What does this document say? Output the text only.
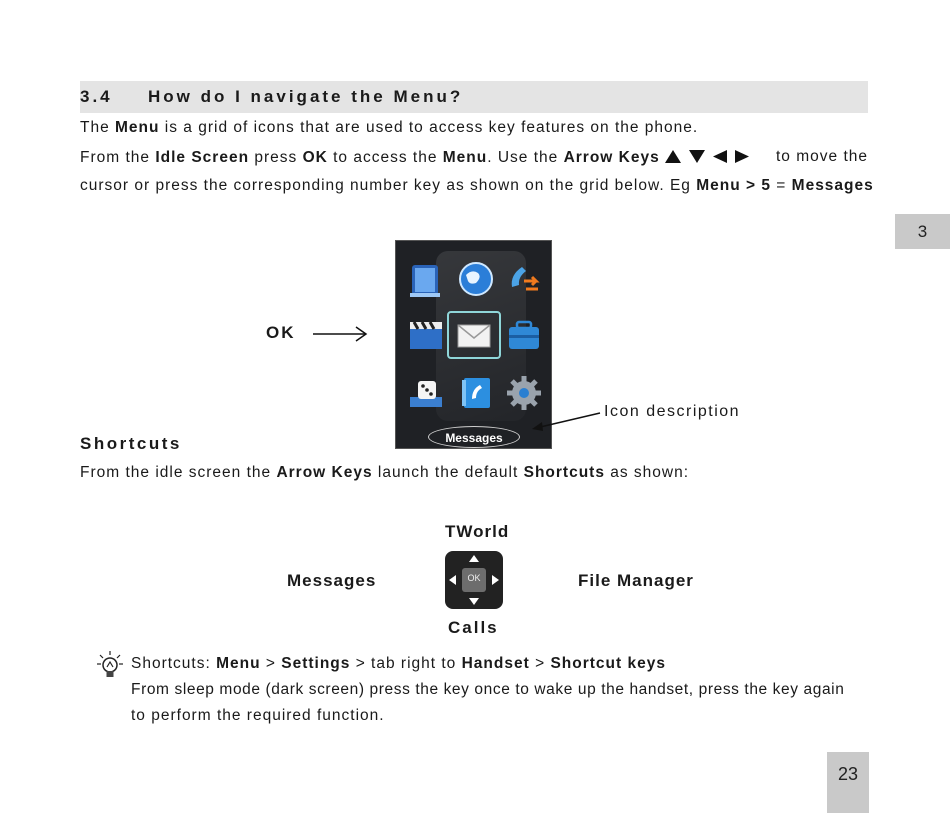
3.4 How do I navigate the Menu?
The Menu is a grid of icons that are used to access key features on the phone.
From the Idle Screen press OK to access the Menu. Use the Arrow Keys	to move the
cursor or press the corresponding number key as shown on the grid below. Eg Menu > 5 = Messages
3
OK
Messages
Icon description
Shortcuts
From the idle screen the Arrow Keys launch the default Shortcuts as shown:
TWorld
Messages	File Manager
Calls
OK
Shortcuts: Menu > Settings > tab right to Handset > Shortcut keys
From sleep mode (dark screen) press the key once to wake up the handset, press the key again
to perform the required function.
23
